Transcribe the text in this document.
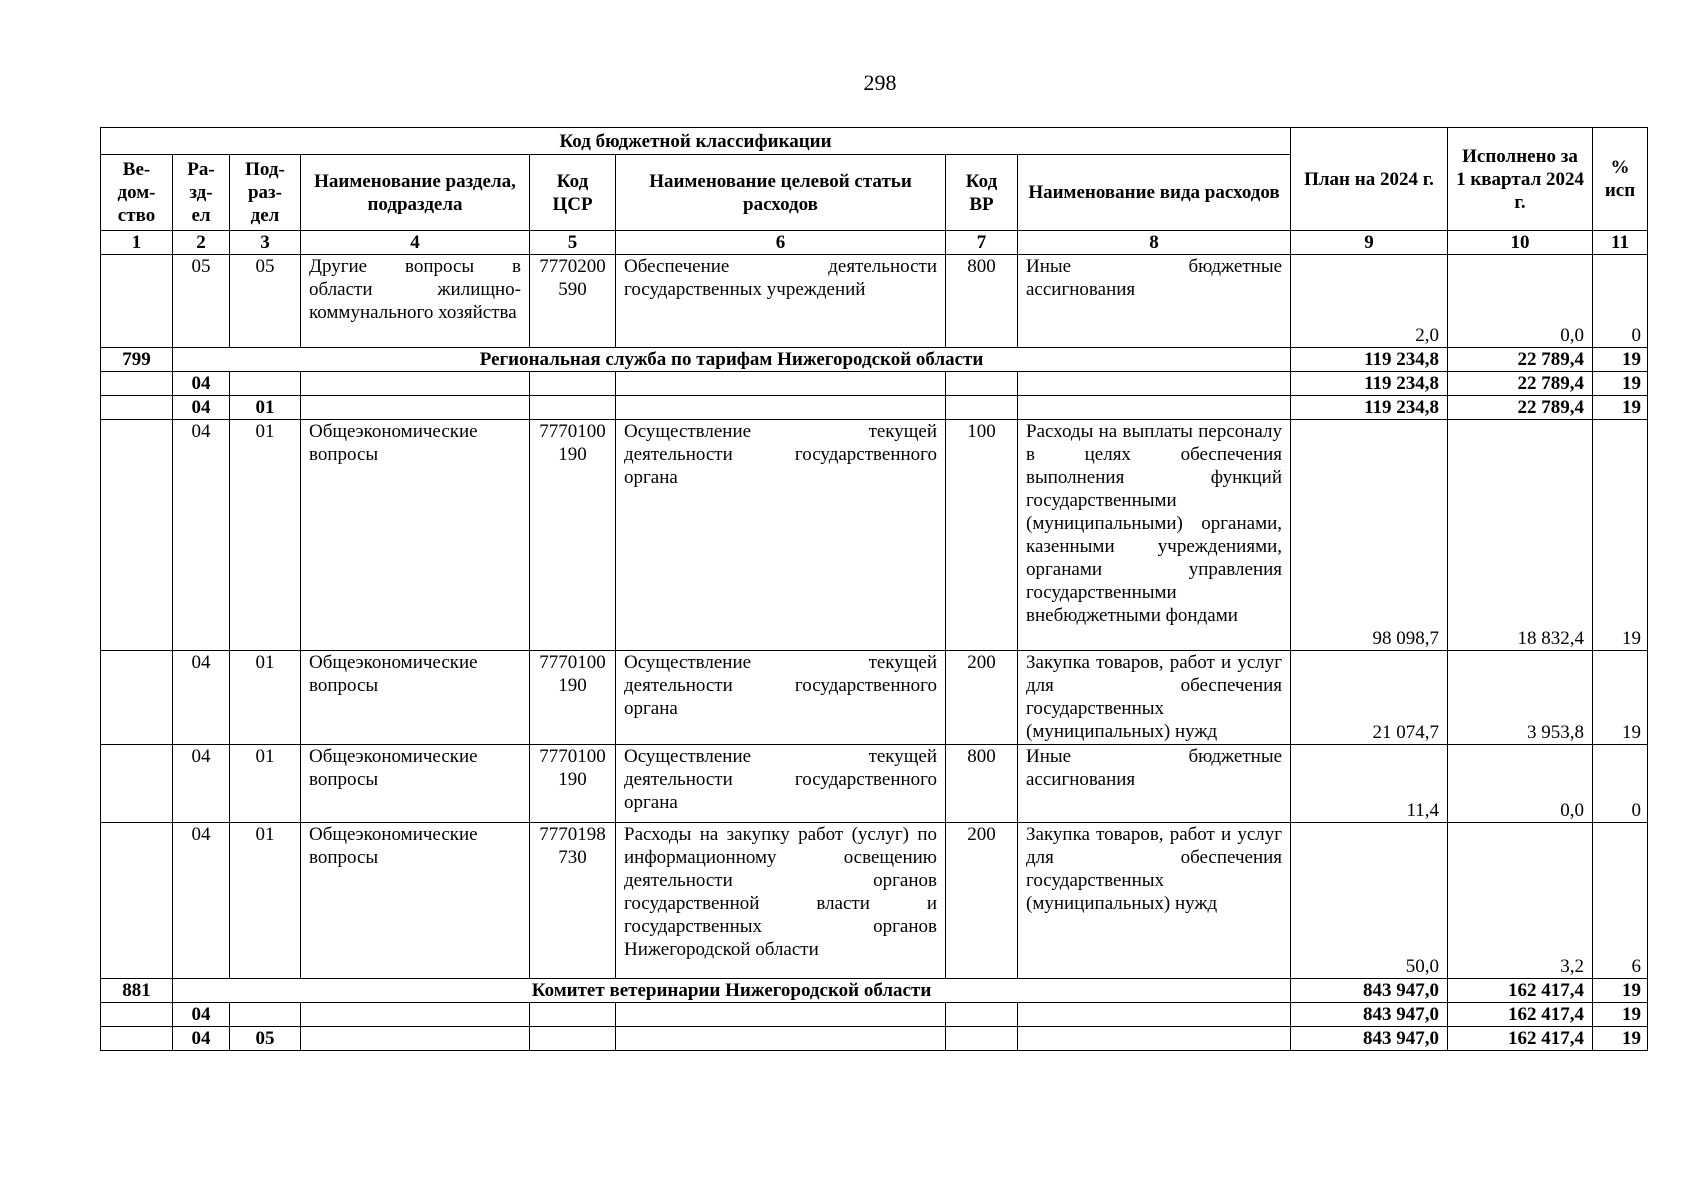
298
Код бюджетной классификации								План на 2024 г.	Исполнено за 1 квартал 2024 г.	% исп
Ве-дом-ство	Ра-зд-ел	Под-раз-дел	Наименование раздела, подраздела	Код ЦСР	Наименование целевой статьи расходов	Код ВР	Наименование вида расходов			
1	2	3	4	5	6	7	8	9	10	11
	05	05	Другие вопросы в области жилищно-коммунального хозяйства	7770200590	Обеспечение деятельности государственных учреждений	800	Иные бюджетные ассигнования	2,0	0,0	0
799	Региональная служба по тарифам Нижегородской области							119 234,8	22 789,4	19
	04							119 234,8	22 789,4	19
	04	01						119 234,8	22 789,4	19
	04	01	Общеэкономические вопросы	7770100190	Осуществление текущей деятельности государственного органа	100	Расходы на выплаты персоналу в целях обеспечения выполнения функций государственными (муниципальными) органами, казенными учреждениями, органами управления государственными внебюджетными фондами	98 098,7	18 832,4	19
	04	01	Общеэкономические вопросы	7770100190	Осуществление текущей деятельности государственного органа	200	Закупка товаров, работ и услуг для обеспечения государственных (муниципальных) нужд	21 074,7	3 953,8	19
	04	01	Общеэкономические вопросы	7770100190	Осуществление текущей деятельности государственного органа	800	Иные бюджетные ассигнования	11,4	0,0	0
	04	01	Общеэкономические вопросы	7770198730	Расходы на закупку работ (услуг) по информационному освещению деятельности органов государственной власти и государственных органов Нижегородской области	200	Закупка товаров, работ и услуг для обеспечения государственных (муниципальных) нужд	50,0	3,2	6
881	Комитет ветеринарии Нижегородской области							843 947,0	162 417,4	19
	04							843 947,0	162 417,4	19
	04	05						843 947,0	162 417,4	19
